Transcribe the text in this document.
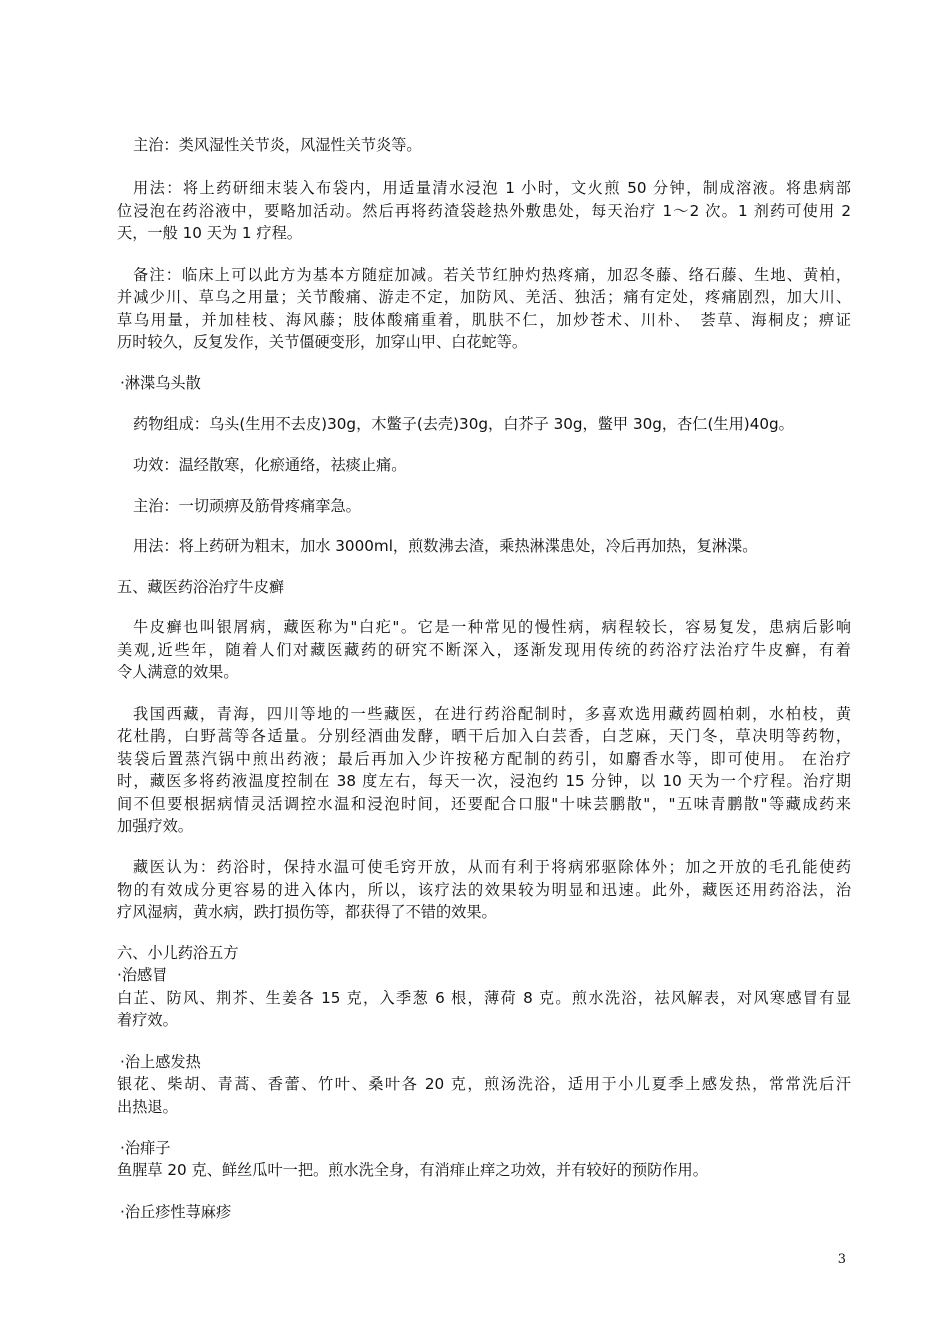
主治：类风湿性关节炎，风湿性关节炎等。
用法：将上药研细末装入布袋内，用适量清水浸泡 1 小时，文火煎 50 分钟，制成溶液。将患病部
位浸泡在药浴液中，要略加活动。然后再将药渣袋趁热外敷患处，每天治疗 1～2 次。1 剂药可使用 2
天，一般 10 天为 1 疗程。
备注：临床上可以此方为基本方随症加减。若关节红肿灼热疼痛，加忍冬藤、络石藤、生地、黄柏，
并减少川、草乌之用量；关节酸痛、游走不定，加防风、羌活、独活；痛有定处，疼痛剧烈，加大川、
草乌用量，并加桂枝、海风藤；肢体酸痛重着，肌肤不仁，加炒苍术、川朴、　荟草、海桐皮；痹证
历时较久，反复发作，关节僵硬变形，加穿山甲、白花蛇等。
·淋渫乌头散
药物组成：乌头(生用不去皮)30g，木鳖子(去壳)30g，白芥子 30g，鳖甲 30g，杏仁(生用)40g。
功效：温经散寒，化瘀通络，祛痰止痛。
主治：一切顽痹及筋骨疼痛挛急。
用法：将上药研为粗末，加水 3000ml，煎数沸去渣，乘热淋渫患处，冷后再加热，复淋渫。
五、藏医药浴治疗牛皮癣
牛皮癣也叫银屑病，藏医称为"白疕"。它是一种常见的慢性病，病程较长，容易复发，患病后影响
美观,近些年，随着人们对藏医藏药的研究不断深入，逐渐发现用传统的药浴疗法治疗牛皮癣，有着
令人满意的效果。
我国西藏，青海，四川等地的一些藏医，在进行药浴配制时，多喜欢选用藏药圆柏刺，水柏枝，黄
花杜鹃，白野蒿等各适量。分别经酒曲发酵，晒干后加入白芸香，白芝麻，天门冬，草决明等药物，
装袋后置蒸汽锅中煎出药液；最后再加入少许按秘方配制的药引，如麝香水等，即可使用。 在治疗
时，藏医多将药液温度控制在 38 度左右，每天一次，浸泡约 15 分钟，以 10 天为一个疗程。治疗期
间不但要根据病情灵活调控水温和浸泡时间，还要配合口服"十味芸鹏散"，"五味青鹏散"等藏成药来
加强疗效。
藏医认为：药浴时，保持水温可使毛窍开放，从而有利于将病邪驱除体外；加之开放的毛孔能使药
物的有效成分更容易的进入体内，所以，该疗法的效果较为明显和迅速。此外，藏医还用药浴法，治
疗风湿病，黄水病，跌打损伤等，都获得了不错的效果。
六、小儿药浴五方
·治感冒
白芷、防风、荆芥、生姜各 15 克，入季葱 6 根，薄荷 8 克。煎水洗浴，祛风解表，对风寒感冒有显
着疗效。
·治上感发热
银花、柴胡、青蒿、香蕾、竹叶、桑叶各 20 克，煎汤洗浴，适用于小儿夏季上感发热，常常洗后汗
出热退。
·治痱子
鱼腥草 20 克、鲜丝瓜叶一把。煎水洗全身，有消痱止痒之功效，并有较好的预防作用。
·治丘疹性荨麻疹
3
